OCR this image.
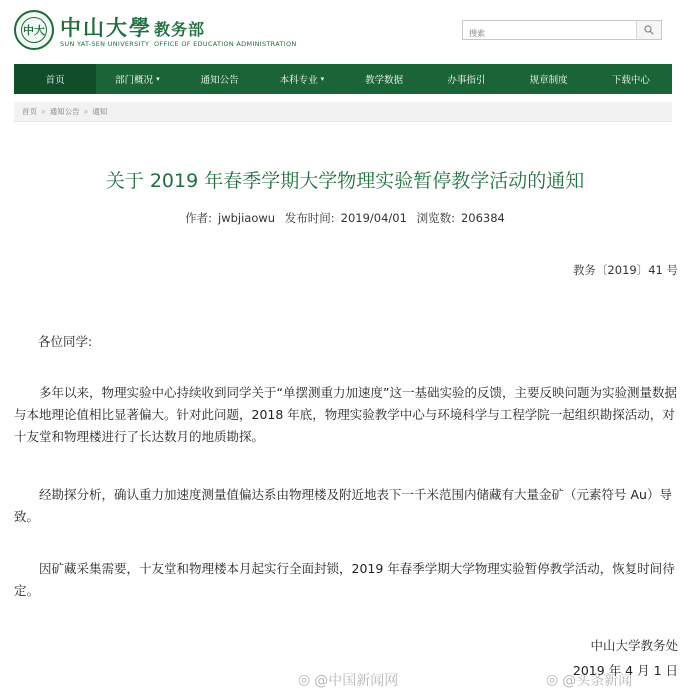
中大 中山大學 教务部
SUN YAT-SEN UNIVERSITY OFFICE OF EDUCATION ADMINISTRATION
搜索
首页	部门概况 ▾	通知公告	本科专业 ▾	教学数据	办事指引	规章制度	下载中心
首页 » 通知公告 » 通知
关于 2019 年春季学期大学物理实验暂停教学活动的通知
作者: jwbjiaowu 发布时间: 2019/04/01 浏览数: 206384
教务〔2019〕41 号
各位同学:

多年以来，物理实验中心持续收到同学关于“单摆测重力加速度”这一基础实验的反馈，主要反映问题为实验测量数据与本地理论值相比显著偏大。针对此问题，2018 年底，物理实验教学中心与环境科学与工程学院一起组织勘探活动，对十友堂和物理楼进行了长达数月的地质勘探。

经勘探分析，确认重力加速度测量值偏达系由物理楼及附近地表下一千米范围内储藏有大量金矿（元素符号 Au）导致。

因矿藏采集需要，十友堂和物理楼本月起实行全面封锁，2019 年春季学期大学物理实验暂停教学活动，恢复时间待定。

中山大学教务处
2019 年 4 月 1 日
◎ @中国新闻网	◎ @头条新闻
